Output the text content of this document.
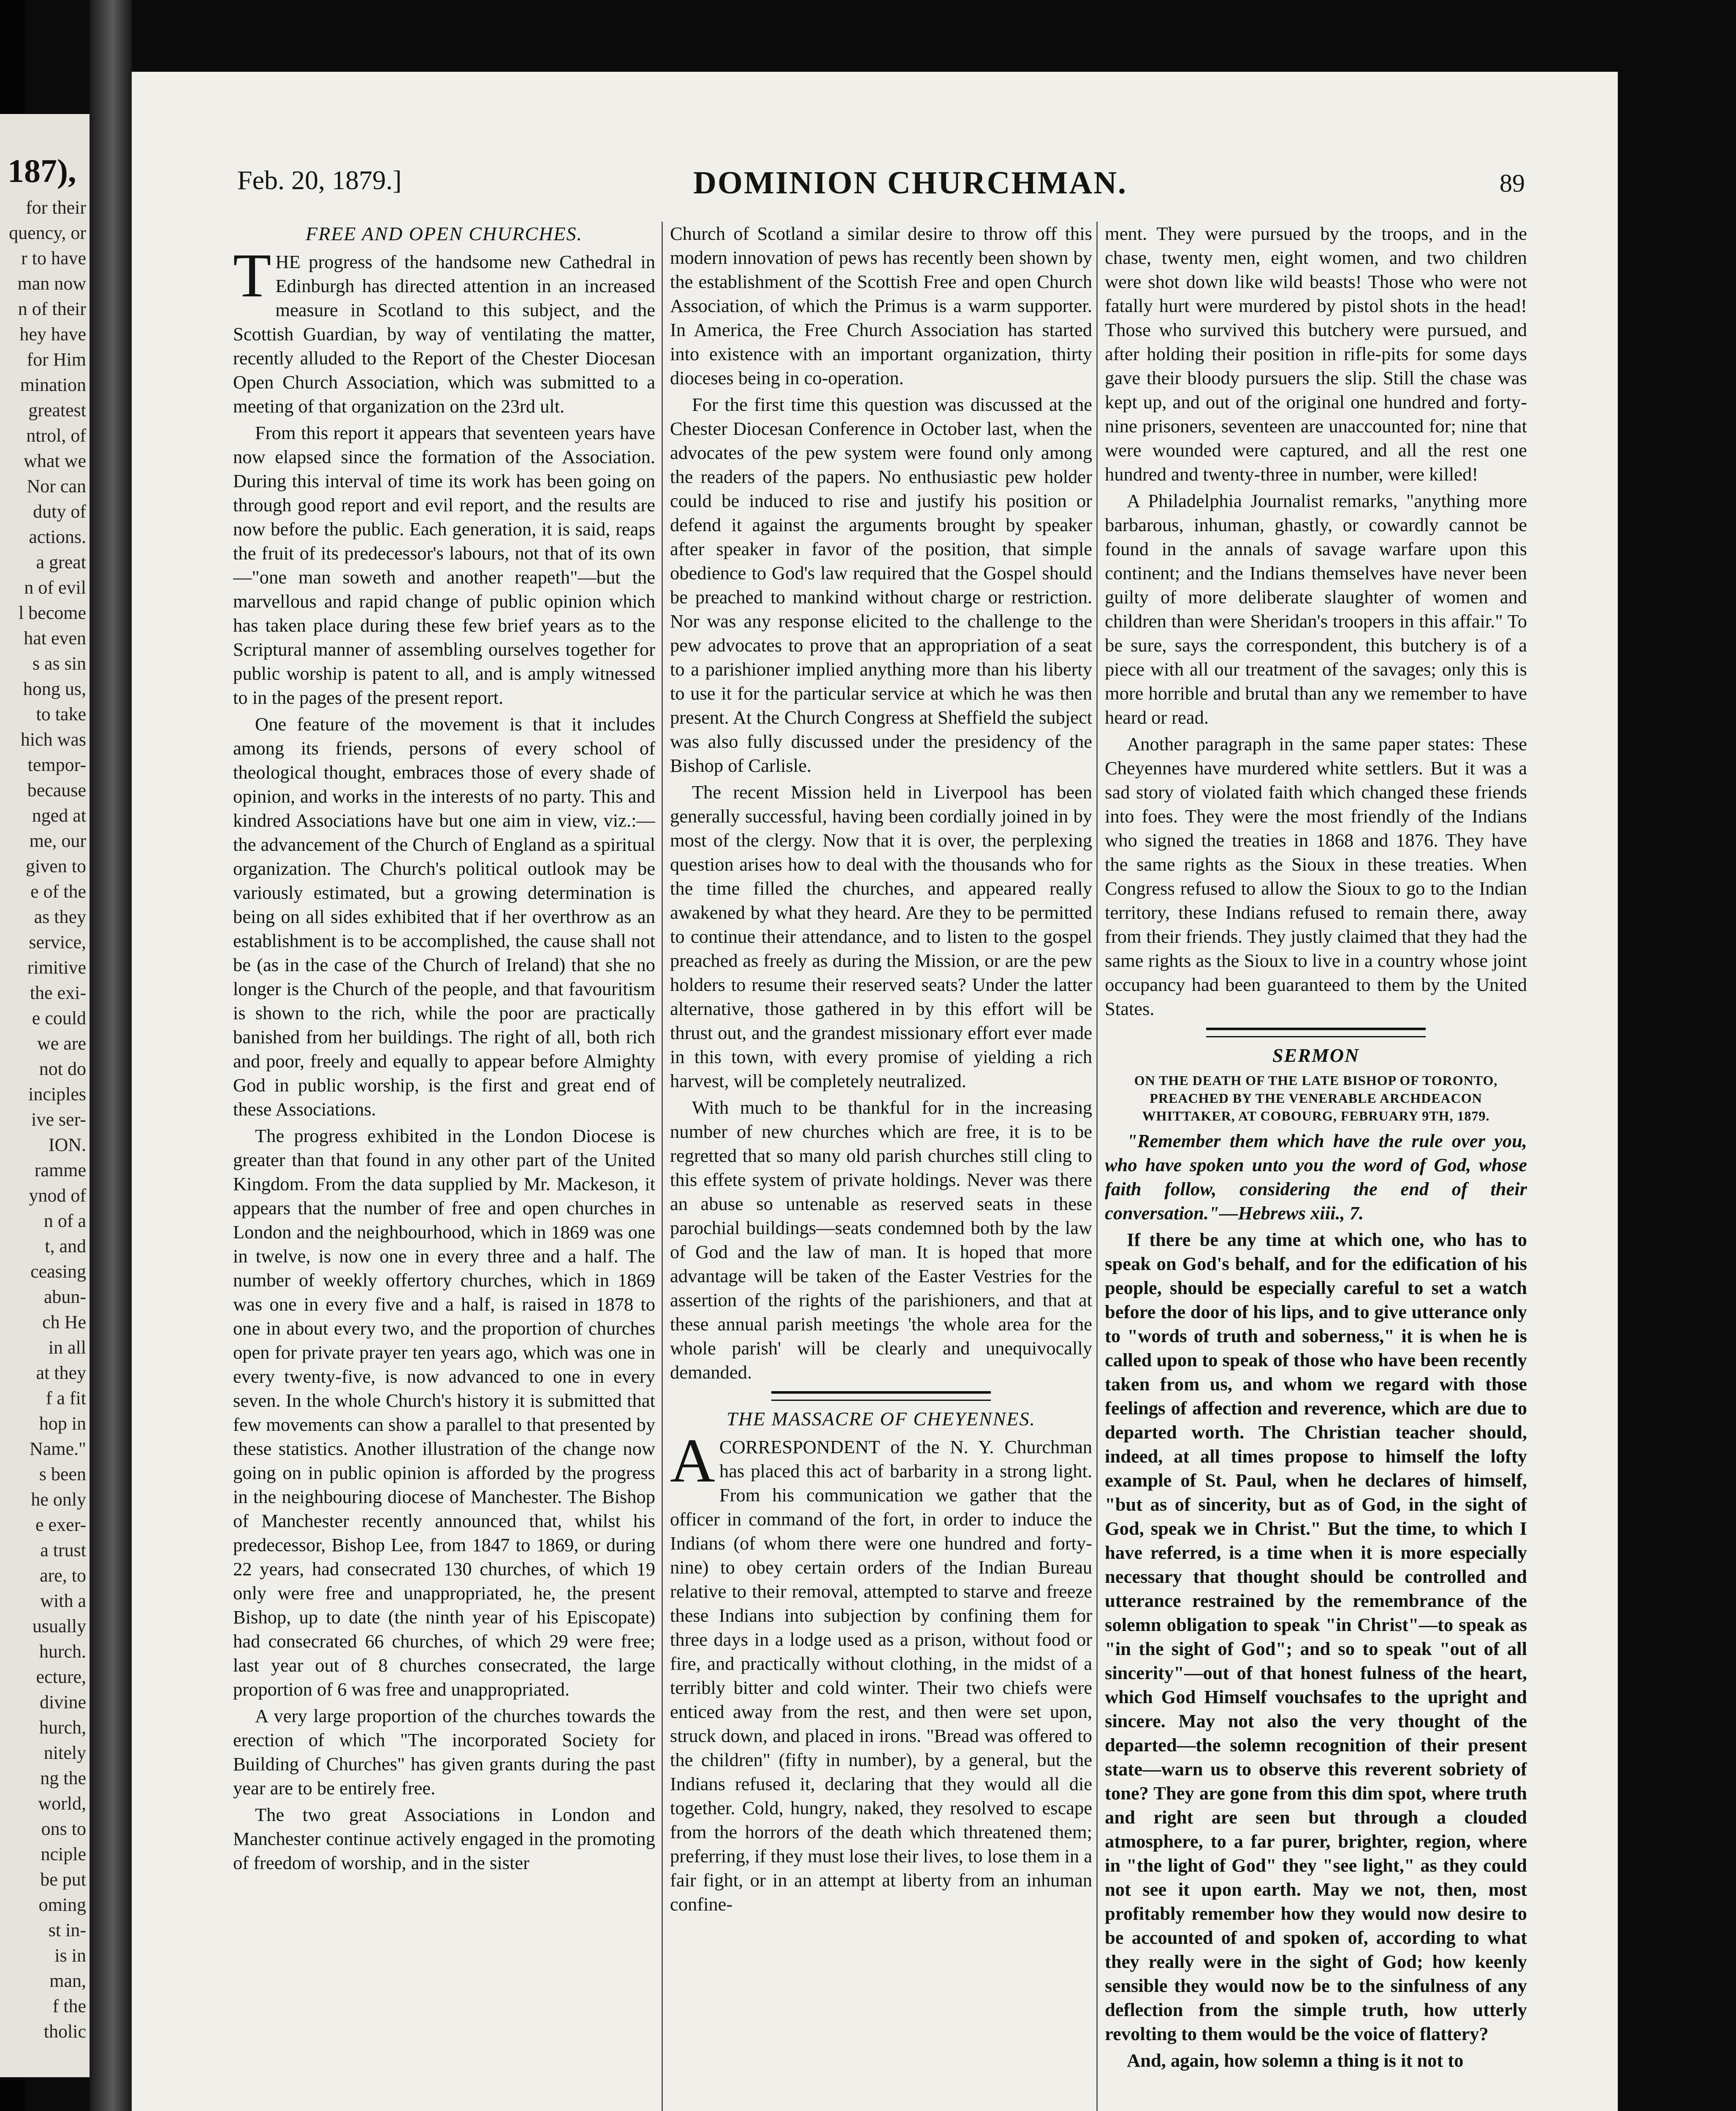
187),
for their
quency, or
r to have
man now
n of their
hey have
for Him
mination
greatest
ntrol, of
what we
Nor can
duty of
actions.
a great
n of evil
l become
hat even
s as sin
hong us,
to take
hich was
tempor-
because
nged at
me, our
given to
e of the
as they
service,
rimitive
the exi-
e could
we are
not do
inciples
ive ser-
ION.
ramme
ynod of
n of a
t, and
ceasing
abun-
ch He
in all
at they
f a fit
hop in
Name."
s been
he only
e exer-
a trust
are, to
with a
usually
hurch.
ecture,
divine
hurch,
nitely
ng the
world,
ons to
nciple
be put
oming
st in-
is in
man,
f the
tholic
Feb. 20, 1879.]	DOMINION CHURCHMAN.	89
FREE AND OPEN CHURCHES.

THE progress of the handsome new Cathedral in Edinburgh has directed attention in an increased measure in Scotland to this subject, and the Scottish Guardian, by way of ventilating the matter, recently alluded to the Report of the Chester Diocesan Open Church Association, which was submitted to a meeting of that organization on the 23rd ult.

From this report it appears that seventeen years have now elapsed since the formation of the Association. During this interval of time its work has been going on through good report and evil report, and the results are now before the public. Each generation, it is said, reaps the fruit of its predecessor's labours, not that of its own—"one man soweth and another reapeth"—but the marvellous and rapid change of public opinion which has taken place during these few brief years as to the Scriptural manner of assembling ourselves together for public worship is patent to all, and is amply witnessed to in the pages of the present report.

One feature of the movement is that it includes among its friends, persons of every school of theological thought, embraces those of every shade of opinion, and works in the interests of no party. This and kindred Associations have but one aim in view, viz.:—the advancement of the Church of England as a spiritual organization. The Church's political outlook may be variously estimated, but a growing determination is being on all sides exhibited that if her overthrow as an establishment is to be accomplished, the cause shall not be (as in the case of the Church of Ireland) that she no longer is the Church of the people, and that favouritism is shown to the rich, while the poor are practically banished from her buildings. The right of all, both rich and poor, freely and equally to appear before Almighty God in public worship, is the first and great end of these Associations.

The progress exhibited in the London Diocese is greater than that found in any other part of the United Kingdom. From the data supplied by Mr. Mackeson, it appears that the number of free and open churches in London and the neighbourhood, which in 1869 was one in twelve, is now one in every three and a half. The number of weekly offertory churches, which in 1869 was one in every five and a half, is raised in 1878 to one in about every two, and the proportion of churches open for private prayer ten years ago, which was one in every twenty-five, is now advanced to one in every seven. In the whole Church's history it is submitted that few movements can show a parallel to that presented by these statistics. Another illustration of the change now going on in public opinion is afforded by the progress in the neighbouring diocese of Manchester. The Bishop of Manchester recently announced that, whilst his predecessor, Bishop Lee, from 1847 to 1869, or during 22 years, had consecrated 130 churches, of which 19 only were free and unappropriated, he, the present Bishop, up to date (the ninth year of his Episcopate) had consecrated 66 churches, of which 29 were free; last year out of 8 churches consecrated, the large proportion of 6 was free and unappropriated.

A very large proportion of the churches towards the erection of which "The incorporated Society for Building of Churches" has given grants during the past year are to be entirely free.

The two great Associations in London and Manchester continue actively engaged in the promoting of freedom of worship, and in the sister

Church of Scotland a similar desire to throw off this modern innovation of pews has recently been shown by the establishment of the Scottish Free and open Church Association, of which the Primus is a warm supporter. In America, the Free Church Association has started into existence with an important organization, thirty dioceses being in co-operation.

For the first time this question was discussed at the Chester Diocesan Conference in October last, when the advocates of the pew system were found only among the readers of the papers. No enthusiastic pew holder could be induced to rise and justify his position or defend it against the arguments brought by speaker after speaker in favor of the position, that simple obedience to God's law required that the Gospel should be preached to mankind without charge or restriction. Nor was any response elicited to the challenge to the pew advocates to prove that an appropriation of a seat to a parishioner implied anything more than his liberty to use it for the particular service at which he was then present. At the Church Congress at Sheffield the subject was also fully discussed under the presidency of the Bishop of Carlisle.

The recent Mission held in Liverpool has been generally successful, having been cordially joined in by most of the clergy. Now that it is over, the perplexing question arises how to deal with the thousands who for the time filled the churches, and appeared really awakened by what they heard. Are they to be permitted to continue their attendance, and to listen to the gospel preached as freely as during the Mission, or are the pew holders to resume their reserved seats? Under the latter alternative, those gathered in by this effort will be thrust out, and the grandest missionary effort ever made in this town, with every promise of yielding a rich harvest, will be completely neutralized.

With much to be thankful for in the increasing number of new churches which are free, it is to be regretted that so many old parish churches still cling to this effete system of private holdings. Never was there an abuse so untenable as reserved seats in these parochial buildings—seats condemned both by the law of God and the law of man. It is hoped that more advantage will be taken of the Easter Vestries for the assertion of the rights of the parishioners, and that at these annual parish meetings 'the whole area for the whole parish' will be clearly and unequivocally demanded.

THE MASSACRE OF CHEYENNES.

ACORRESPONDENT of the N. Y. Churchman has placed this act of barbarity in a strong light. From his communication we gather that the officer in command of the fort, in order to induce the Indians (of whom there were one hundred and forty-nine) to obey certain orders of the Indian Bureau relative to their removal, attempted to starve and freeze these Indians into subjection by confining them for three days in a lodge used as a prison, without food or fire, and practically without clothing, in the midst of a terribly bitter and cold winter. Their two chiefs were enticed away from the rest, and then were set upon, struck down, and placed in irons. "Bread was offered to the children" (fifty in number), by a general, but the Indians refused it, declaring that they would all die together. Cold, hungry, naked, they resolved to escape from the horrors of the death which threatened them; preferring, if they must lose their lives, to lose them in a fair fight, or in an attempt at liberty from an inhuman confine-

ment. They were pursued by the troops, and in the chase, twenty men, eight women, and two children were shot down like wild beasts! Those who were not fatally hurt were murdered by pistol shots in the head! Those who survived this butchery were pursued, and after holding their position in rifle-pits for some days gave their bloody pursuers the slip. Still the chase was kept up, and out of the original one hundred and forty-nine prisoners, seventeen are unaccounted for; nine that were wounded were captured, and all the rest one hundred and twenty-three in number, were killed!

A Philadelphia Journalist remarks, "anything more barbarous, inhuman, ghastly, or cowardly cannot be found in the annals of savage warfare upon this continent; and the Indians themselves have never been guilty of more deliberate slaughter of women and children than were Sheridan's troopers in this affair." To be sure, says the correspondent, this butchery is of a piece with all our treatment of the savages; only this is more horrible and brutal than any we remember to have heard or read.

Another paragraph in the same paper states: These Cheyennes have murdered white settlers. But it was a sad story of violated faith which changed these friends into foes. They were the most friendly of the Indians who signed the treaties in 1868 and 1876. They have the same rights as the Sioux in these treaties. When Congress refused to allow the Sioux to go to the Indian territory, these Indians refused to remain there, away from their friends. They justly claimed that they had the same rights as the Sioux to live in a country whose joint occupancy had been guaranteed to them by the United States.

SERMON
ON THE DEATH OF THE LATE BISHOP OF TORONTO, PREACHED BY THE VENERABLE ARCHDEACON WHITTAKER, AT COBOURG, FEBRUARY 9TH, 1879.

"Remember them which have the rule over you, who have spoken unto you the word of God, whose faith follow, considering the end of their conversation."—Hebrews xiii., 7.

If there be any time at which one, who has to speak on God's behalf, and for the edification of his people, should be especially careful to set a watch before the door of his lips, and to give utterance only to "words of truth and soberness," it is when he is called upon to speak of those who have been recently taken from us, and whom we regard with those feelings of affection and reverence, which are due to departed worth. The Christian teacher should, indeed, at all times propose to himself the lofty example of St. Paul, when he declares of himself, "but as of sincerity, but as of God, in the sight of God, speak we in Christ." But the time, to which I have referred, is a time when it is more especially necessary that thought should be controlled and utterance restrained by the remembrance of the solemn obligation to speak "in Christ"—to speak as "in the sight of God"; and so to speak "out of all sincerity"—out of that honest fulness of the heart, which God Himself vouchsafes to the upright and sincere. May not also the very thought of the departed—the solemn recognition of their present state—warn us to observe this reverent sobriety of tone? They are gone from this dim spot, where truth and right are seen but through a clouded atmosphere, to a far purer, brighter, region, where in "the light of God" they "see light," as they could not see it upon earth. May we not, then, most profitably remember how they would now desire to be accounted of and spoken of, according to what they really were in the sight of God; how keenly sensible they would now be to the sinfulness of any deflection from the simple truth, how utterly revolting to them would be the voice of flattery?

And, again, how solemn a thing is it not to
